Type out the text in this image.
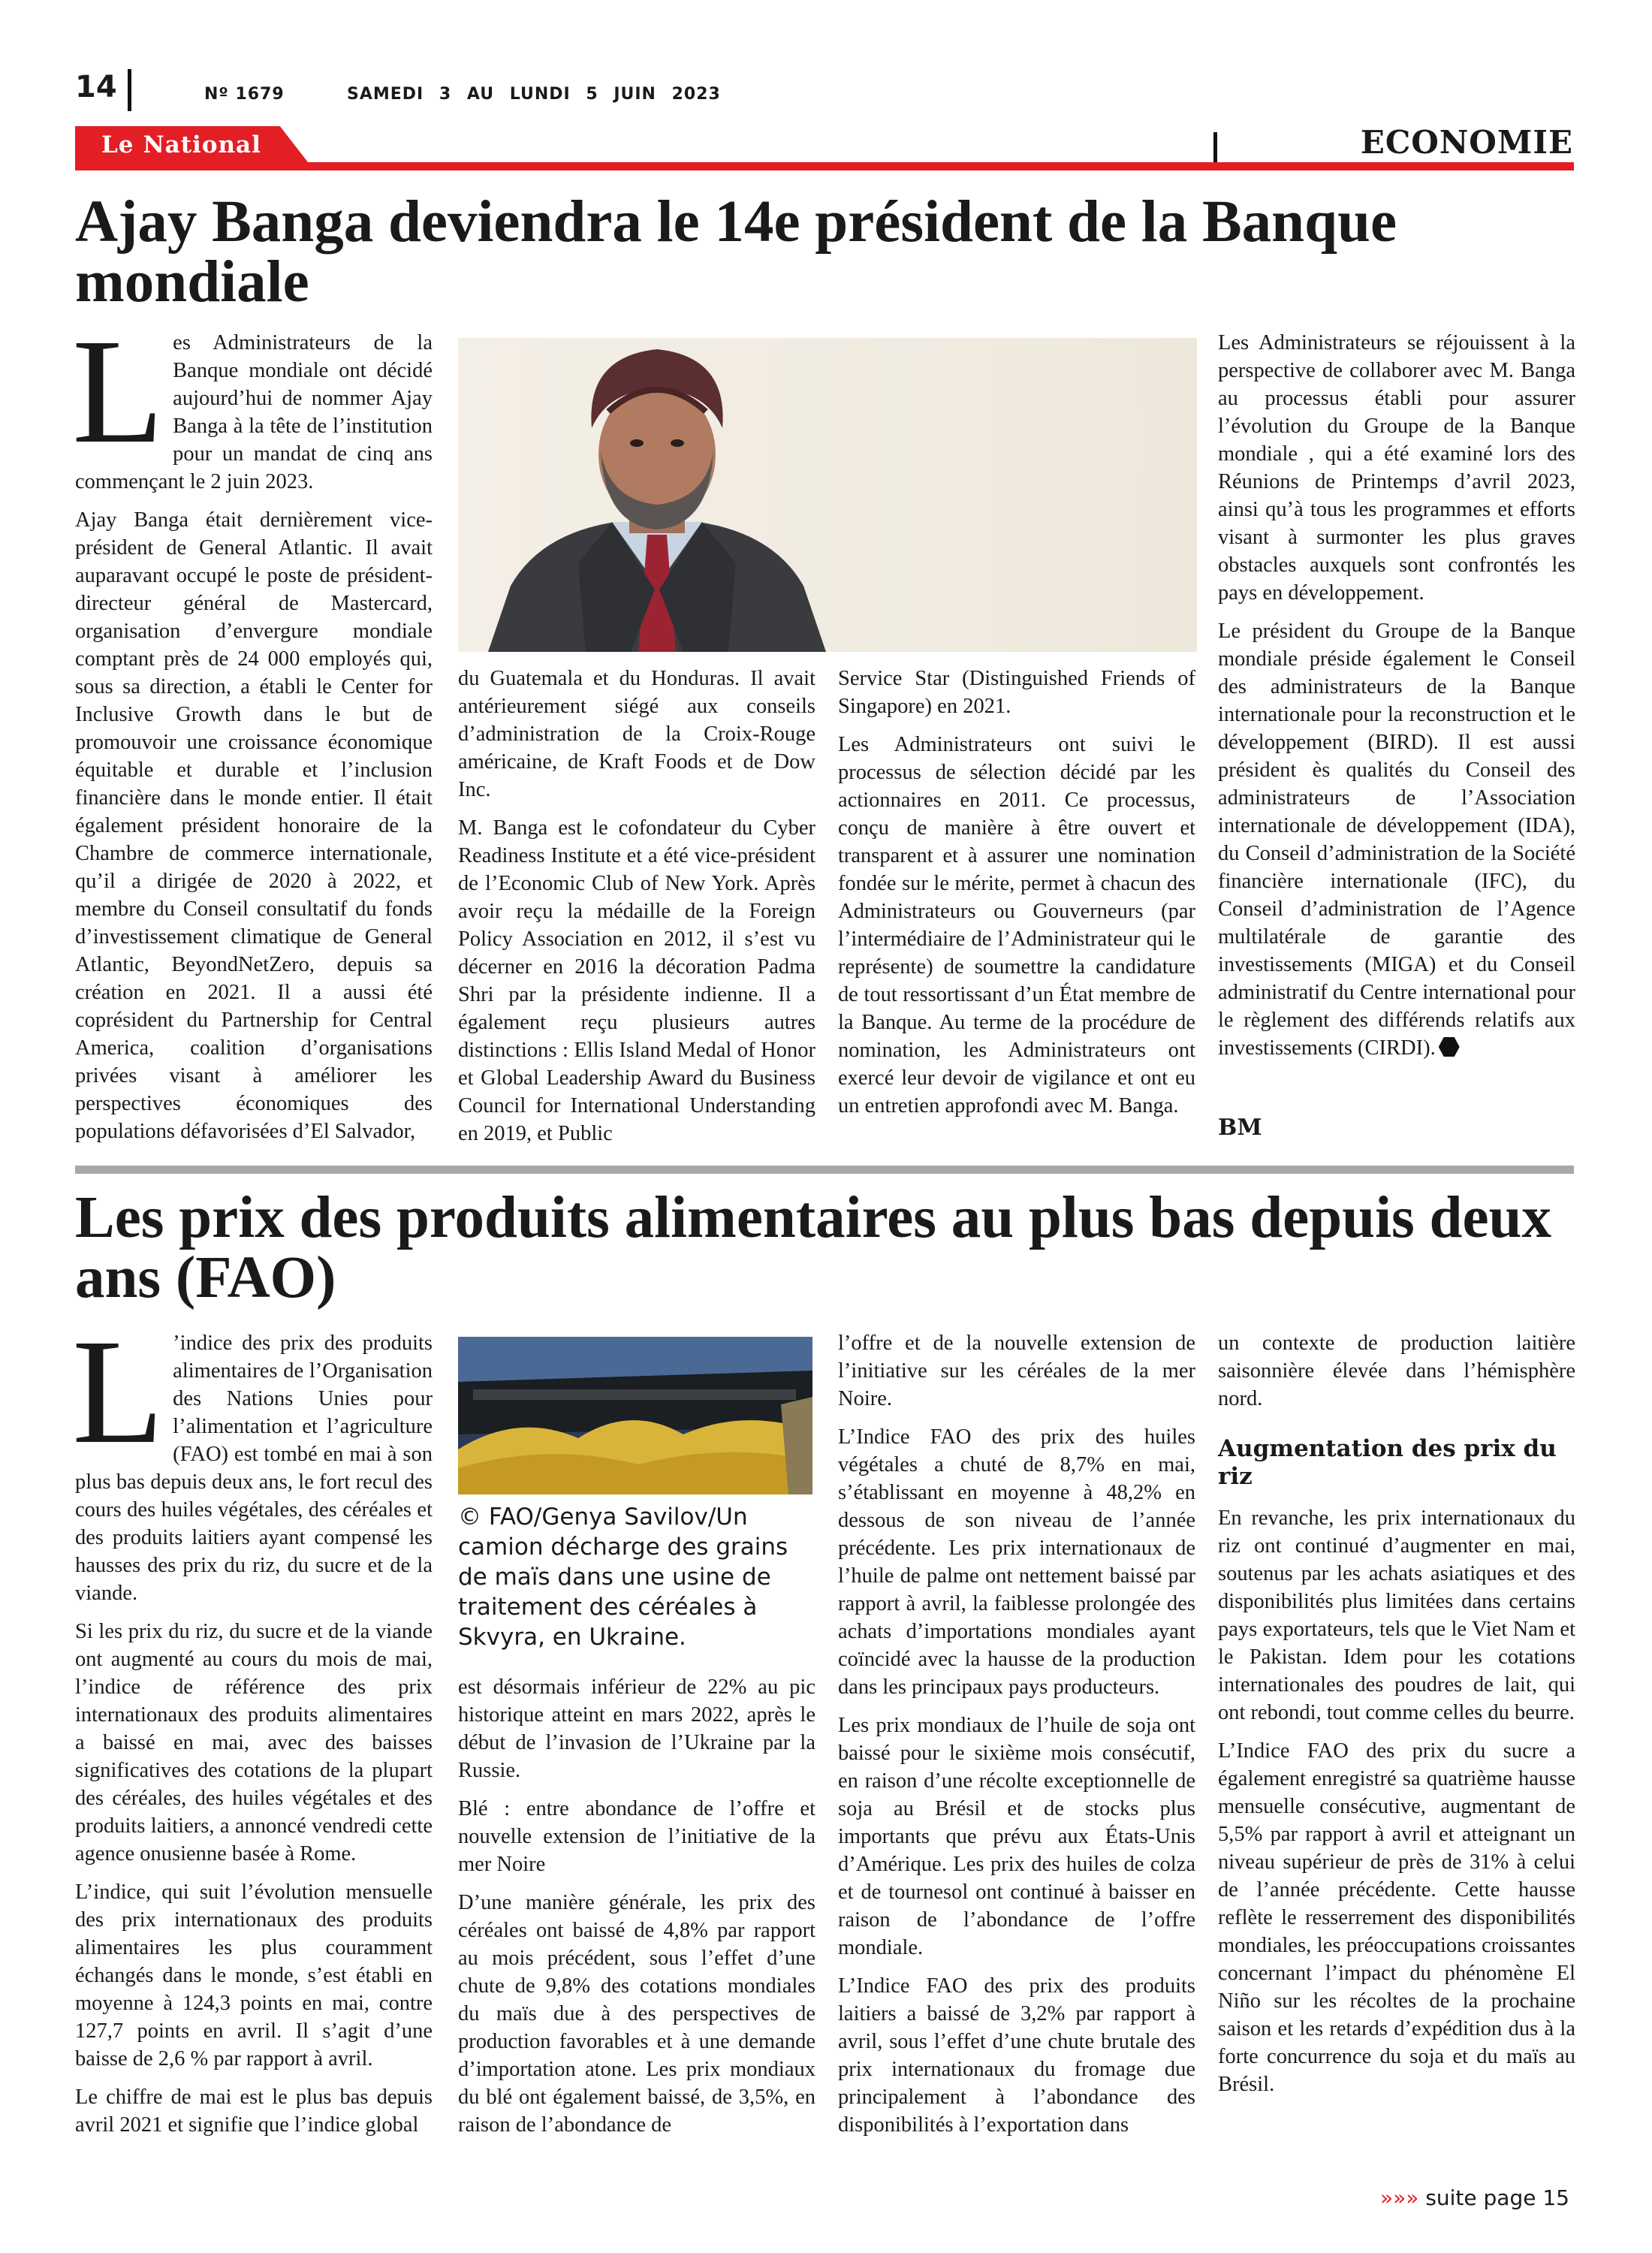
14	Nº 1679	SAMEDI 3 AU LUNDI 5 JUIN 2023
Le National	ECONOMIE
Ajay Banga deviendra le 14e président de la Banque mondiale

Les Administrateurs de la Banque mondiale ont décidé aujourd’hui de nommer Ajay Banga à la tête de l’institution pour un mandat de cinq ans commençant le 2 juin 2023.

Ajay Banga était dernièrement vice-président de General Atlantic. Il avait auparavant occupé le poste de président-directeur général de Mastercard, organisation d’envergure mondiale comptant près de 24 000 employés qui, sous sa direction, a établi le Center for Inclusive Growth dans le but de promouvoir une croissance économique équitable et durable et l’inclusion financière dans le monde entier. Il était également président honoraire de la Chambre de commerce internationale, qu’il a dirigée de 2020 à 2022, et membre du Conseil consultatif du fonds d’investissement climatique de General Atlantic, BeyondNetZero, depuis sa création en 2021. Il a aussi été coprésident du Partnership for Central America, coalition d’organisations privées visant à améliorer les perspectives économiques des populations défavorisées d’El Salvador,

du Guatemala et du Honduras. Il avait antérieurement siégé aux conseils d’administration de la Croix-Rouge américaine, de Kraft Foods et de Dow Inc.

M. Banga est le cofondateur du Cyber Readiness Institute et a été vice-président de l’Economic Club of New York. Après avoir reçu la médaille de la Foreign Policy Association en 2012, il s’est vu décerner en 2016 la décoration Padma Shri par la présidente indienne. Il a également reçu plusieurs autres distinctions : Ellis Island Medal of Honor et Global Leadership Award du Business Council for International Understanding en 2019, et Public

Service Star (Distinguished Friends of Singapore) en 2021.

Les Administrateurs ont suivi le processus de sélection décidé par les actionnaires en 2011. Ce processus, conçu de manière à être ouvert et transparent et à assurer une nomination fondée sur le mérite, permet à chacun des Administrateurs ou Gouverneurs (par l’intermédiaire de l’Administrateur qui le représente) de soumettre la candidature de tout ressortissant d’un État membre de la Banque. Au terme de la procédure de nomination, les Administrateurs ont exercé leur devoir de vigilance et ont eu un entretien approfondi avec M. Banga.

Les Administrateurs se réjouissent à la perspective de collaborer avec M. Banga au processus établi pour assurer l’évolution du Groupe de la Banque mondiale , qui a été examiné lors des Réunions de Printemps d’avril 2023, ainsi qu’à tous les programmes et efforts visant à surmonter les plus graves obstacles auxquels sont confrontés les pays en développement.

Le président du Groupe de la Banque mondiale préside également le Conseil des administrateurs de la Banque internationale pour la reconstruction et le développement (BIRD). Il est aussi président ès qualités du Conseil des administrateurs de l’Association internationale de développement (IDA), du Conseil d’administration de la Société financière internationale (IFC), du Conseil d’administration de l’Agence multilatérale de garantie des investissements (MIGA) et du Conseil administratif du Centre international pour le règlement des différends relatifs aux investissements (CIRDI).

BM
Les prix des produits alimentaires au plus bas depuis deux ans (FAO)

L ’indice des prix des produits alimentaires de l’Organisation des Nations Unies pour l’alimentation et l’agriculture (FAO) est tombé en mai à son plus bas depuis deux ans, le fort recul des cours des huiles végétales, des céréales et des produits laitiers ayant compensé les hausses des prix du riz, du sucre et de la viande.

Si les prix du riz, du sucre et de la viande ont augmenté au cours du mois de mai, l’indice de référence des prix internationaux des produits alimentaires a baissé en mai, avec des baisses significatives des cotations de la plupart des céréales, des huiles végétales et des produits laitiers, a annoncé vendredi cette agence onusienne basée à Rome.

L’indice, qui suit l’évolution mensuelle des prix internationaux des produits alimentaires les plus couramment échangés dans le monde, s’est établi en moyenne à 124,3 points en mai, contre 127,7 points en avril. Il s’agit d’une baisse de 2,6 % par rapport à avril.

Le chiffre de mai est le plus bas depuis avril 2021 et signifie que l’indice global

© FAO/Genya Savilov/Un camion décharge des grains de maïs dans une usine de traitement des céréales à Skvyra, en Ukraine.

est désormais inférieur de 22% au pic historique atteint en mars 2022, après le début de l’invasion de l’Ukraine par la Russie.

Blé : entre abondance de l’offre et nouvelle extension de l’initiative de la mer Noire

D’une manière générale, les prix des céréales ont baissé de 4,8% par rapport au mois précédent, sous l’effet d’une chute de 9,8% des cotations mondiales du maïs due à des perspectives de production favorables et à une demande d’importation atone. Les prix mondiaux du blé ont également baissé, de 3,5%, en raison de l’abondance de

l’offre et de la nouvelle extension de l’initiative sur les céréales de la mer Noire.

L’Indice FAO des prix des huiles végétales a chuté de 8,7% en mai, s’établissant en moyenne à 48,2% en dessous de son niveau de l’année précédente. Les prix internationaux de l’huile de palme ont nettement baissé par rapport à avril, la faiblesse prolongée des achats d’importations mondiales ayant coïncidé avec la hausse de la production dans les principaux pays producteurs.

Les prix mondiaux de l’huile de soja ont baissé pour le sixième mois consécutif, en raison d’une récolte exceptionnelle de soja au Brésil et de stocks plus importants que prévu aux États-Unis d’Amérique. Les prix des huiles de colza et de tournesol ont continué à baisser en raison de l’abondance de l’offre mondiale.

L’Indice FAO des prix des produits laitiers a baissé de 3,2% par rapport à avril, sous l’effet d’une chute brutale des prix internationaux du fromage due principalement à l’abondance des disponibilités à l’exportation dans

un contexte de production laitière saisonnière élevée dans l’hémisphère nord.

Augmentation des prix du riz

En revanche, les prix internationaux du riz ont continué d’augmenter en mai, soutenus par les achats asiatiques et des disponibilités plus limitées dans certains pays exportateurs, tels que le Viet Nam et le Pakistan. Idem pour les cotations internationales des poudres de lait, qui ont rebondi, tout comme celles du beurre.

L’Indice FAO des prix du sucre a également enregistré sa quatrième hausse mensuelle consécutive, augmentant de 5,5% par rapport à avril et atteignant un niveau supérieur de près de 31% à celui de l’année précédente. Cette hausse reflète le resserrement des disponibilités mondiales, les préoccupations croissantes concernant l’impact du phénomène El Niño sur les récoltes de la prochaine saison et les retards d’expédition dus à la forte concurrence du soja et du maïs au Brésil.

»»» suite page 15
